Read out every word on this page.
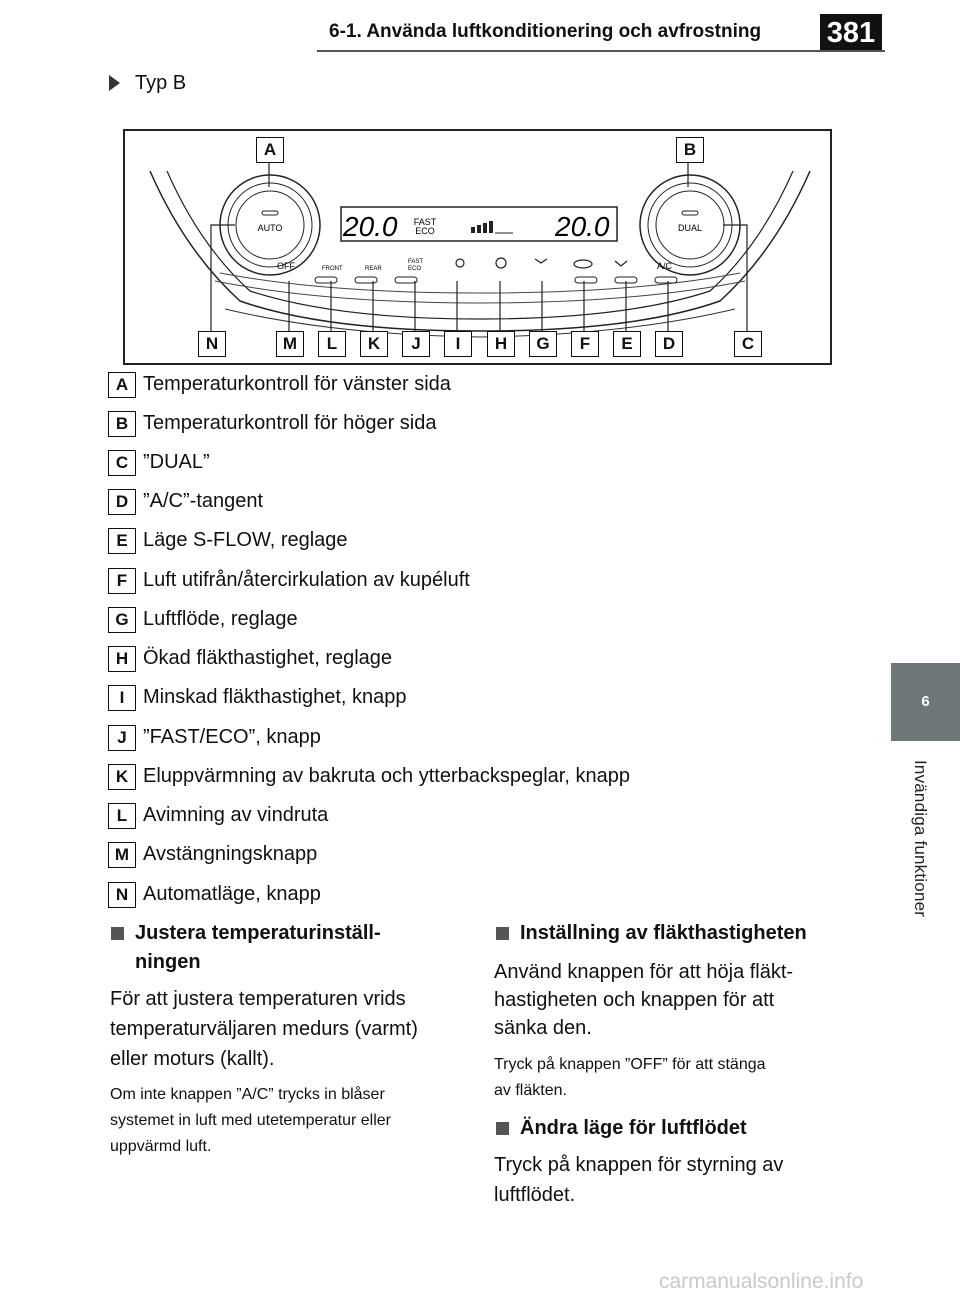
6-1. Använda luftkonditionering och avfrostning 381
6
Invändiga funktioner
Typ B
AUTO	DUAL
20.0	20.0
FAST
ECO
OFF	FRONT	REAR
FAST
ECO	A/C
A	B
N	M	L	K	J	I	H	G	F	E	D	C
A Temperaturkontroll för vänster sida
B Temperaturkontroll för höger sida
C ”DUAL”
D ”A/C”-tangent
E Läge S-FLOW, reglage
F Luft utifrån/återcirkulation av kupéluft
G Luftflöde, reglage
H Ökad fläkthastighet, reglage
I Minskad fläkthastighet, knapp
J ”FAST/ECO”, knapp
K Eluppvärmning av bakruta och ytterbackspeglar, knapp
L Avimning av vindruta
M Avstängningsknapp
N Automatläge, knapp
Justera temperaturinställ-
ningen
För att justera temperaturen vrids
temperaturväljaren medurs (varmt)
eller moturs (kallt).
Om inte knappen ”A/C” trycks in blåser
systemet in luft med utetemperatur eller
uppvärmd luft.
Inställning av fläkthastigheten
Använd knappen för att höja fläkt-
hastigheten och knappen för att
sänka den.
Tryck på knappen ”OFF” för att stänga
av fläkten.
Ändra läge för luftflödet
Tryck på knappen för styrning av
luftflödet.
carmanualsonline.info
